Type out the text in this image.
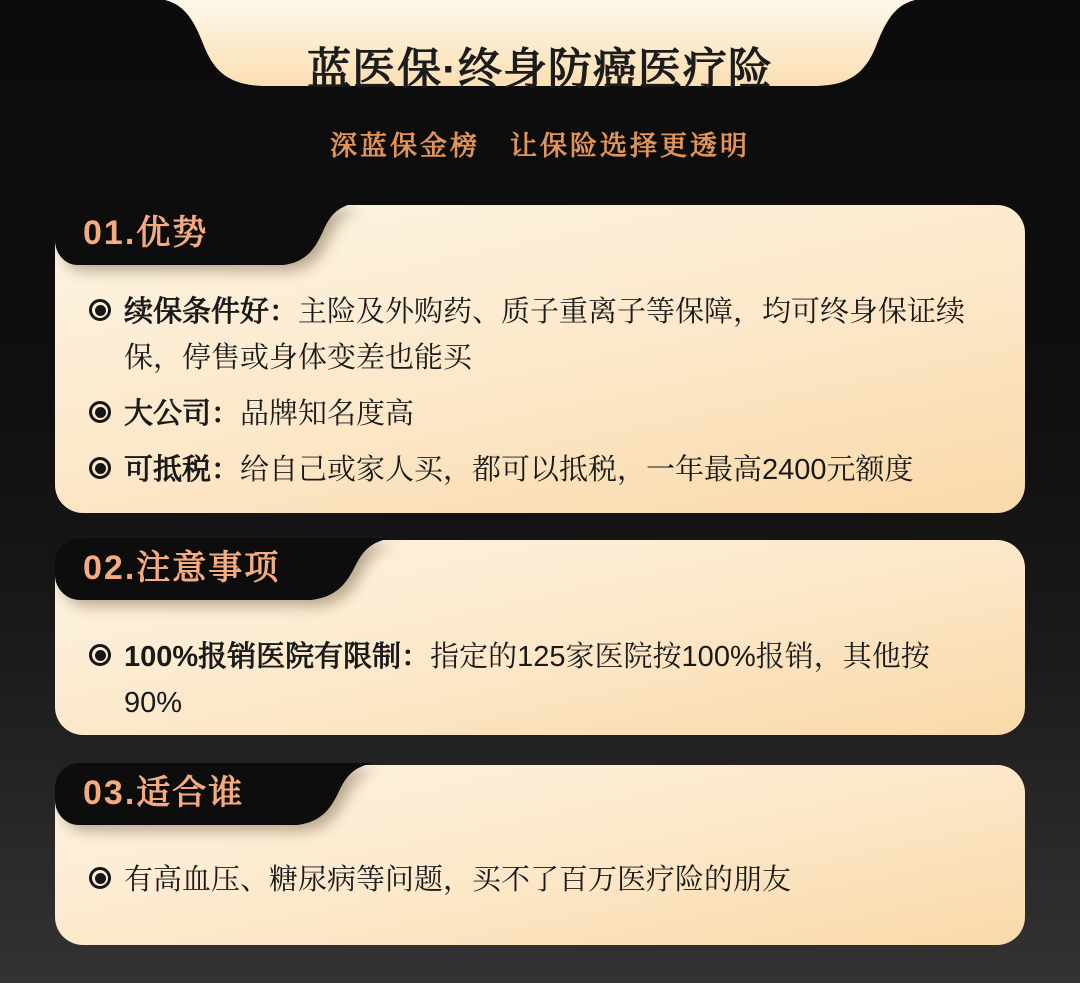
蓝医保·终身防癌医疗险
深蓝保金榜　让保险选择更透明
01.优势

续保条件好：主险及外购药、质子重离子等保障，均可终身保证续保，停售或身体变差也能买

大公司：品牌知名度高

可抵税：给自己或家人买，都可以抵税，一年最高2400元额度

02.注意事项

100%报销医院有限制：指定的125家医院按100%报销，其他按90%

03.适合谁

有高血压、糖尿病等问题，买不了百万医疗险的朋友
